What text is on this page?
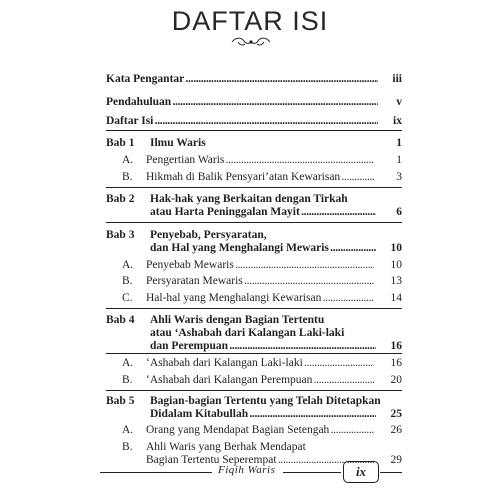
DAFTAR ISI
Kata Pengantar . . .	iii
Pendahuluan . . .	v
Daftar Isi . . .	ix
Bab 1 Ilmu Waris	1
A. Pengertian Waris . . .	1
B. Hikmah di Balik Pensyari’atan Kewarisan . . .	3
Bab 2 Hak-hak yang Berkaitan dengan Tirkah
atau Harta Peninggalan Mayit . . .	6
Bab 3 Penyebab, Persyaratan,
dan Hal yang Menghalangi Mewaris . . .	10
A. Penyebab Mewaris . . .	10
B. Persyaratan Mewaris . . .	13
C. Hal-hal yang Menghalangi Kewarisan . . .	14
Bab 4 Ahli Waris dengan Bagian Tertentu
atau ‘Ashabah dari Kalangan Laki-laki
dan Perempuan . . .	16
A. ‘Ashabah dari Kalangan Laki-laki . . .	16
B. ‘Ashabah dari Kalangan Perempuan . . .	20
Bab 5 Bagian-bagian Tertentu yang Telah Ditetapkan
Didalam Kitabullah . . .	25
A. Orang yang Mendapat Bagian Setengah . . .	26
B. Ahli Waris yang Berhak Mendapat
Bagian Tertentu Seperempat . . .	29
Fiqih Waris	ix
